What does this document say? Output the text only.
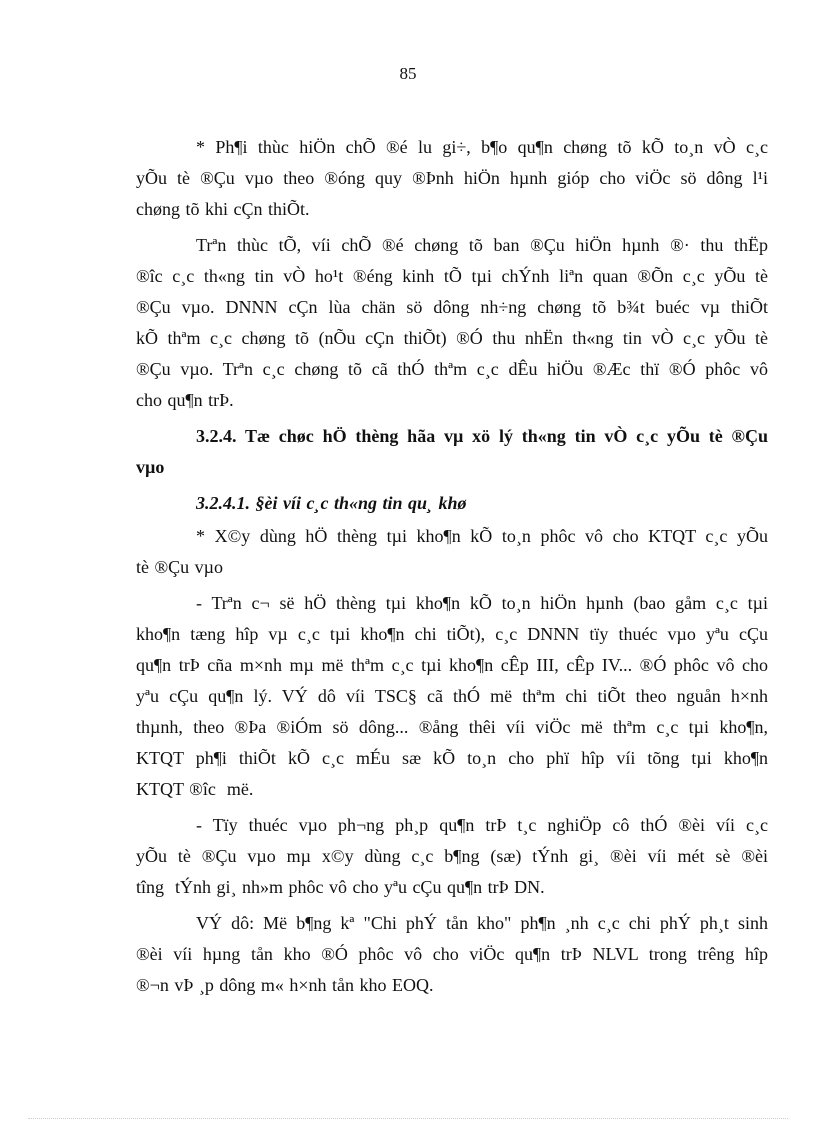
85
* Ph¶i thùc hiÖn chÕ ®é lu gi÷, b¶o qu¶n chøng tõ kÕ to¸n vÒ c¸c
yÕu tè ®Çu vµo theo ®óng quy ®Þnh hiÖn hµnh gióp cho viÖc sö dông l¹i
chøng tõ khi cÇn thiÕt.
Trªn thùc tÕ, víi chÕ ®é chøng tõ ban ®Çu hiÖn hµnh ®· thu thËp
®îc c¸c th«ng tin vÒ ho¹t ®éng kinh tÕ tµi chÝnh liªn quan ®Õn c¸c yÕu tè
®Çu vµo. DNNN cÇn lùa chän sö dông nh÷ng chøng tõ b¾t buéc vµ thiÕt
kÕ thªm c¸c chøng tõ (nÕu cÇn thiÕt) ®Ó thu nhËn th«ng tin vÒ c¸c yÕu tè
®Çu vµo. Trªn c¸c chøng tõ cã thÓ thªm c¸c dÊu hiÖu ®Æc thï ®Ó phôc vô
cho qu¶n trÞ.
3.2.4. Tæ chøc hÖ thèng hãa vµ xö lý th«ng tin vÒ c¸c yÕu tè ®Çu
vµo
3.2.4.1. §èi víi c¸c th«ng tin qu¸ khø
* X©y dùng hÖ thèng tµi kho¶n kÕ to¸n phôc vô cho KTQT c¸c yÕu
tè ®Çu vµo
- Trªn c¬ së hÖ thèng tµi kho¶n kÕ to¸n hiÖn hµnh (bao gåm c¸c tµi
kho¶n tæng hîp vµ c¸c tµi kho¶n chi tiÕt), c¸c DNNN tïy thuéc vµo yªu cÇu
qu¶n trÞ cña m×nh mµ më thªm c¸c tµi kho¶n cÊp III, cÊp IV... ®Ó phôc vô cho
yªu cÇu qu¶n lý. VÝ dô víi TSC§ cã thÓ më thªm chi tiÕt theo nguån h×nh
thµnh, theo ®Þa ®iÓm sö dông... ®ång thêi víi viÖc më thªm c¸c tµi kho¶n,
KTQT ph¶i thiÕt kÕ c¸c mÉu sæ kÕ to¸n cho phï hîp víi tõng tµi kho¶n
KTQT ®îc  më.
- Tïy thuéc vµo ph¬ng ph¸p qu¶n trÞ t¸c nghiÖp cô thÓ ®èi víi c¸c
yÕu tè ®Çu vµo mµ x©y dùng c¸c b¶ng (sæ) tÝnh gi¸ ®èi víi mét sè ®èi
tîng  tÝnh gi¸ nh»m phôc vô cho yªu cÇu qu¶n trÞ DN.
VÝ dô: Më b¶ng kª "Chi phÝ tån kho" ph¶n ¸nh c¸c chi phÝ ph¸t sinh
®èi víi hµng tån kho ®Ó phôc vô cho viÖc qu¶n trÞ NLVL trong trêng hîp
®¬n vÞ ¸p dông m« h×nh tån kho EOQ.
